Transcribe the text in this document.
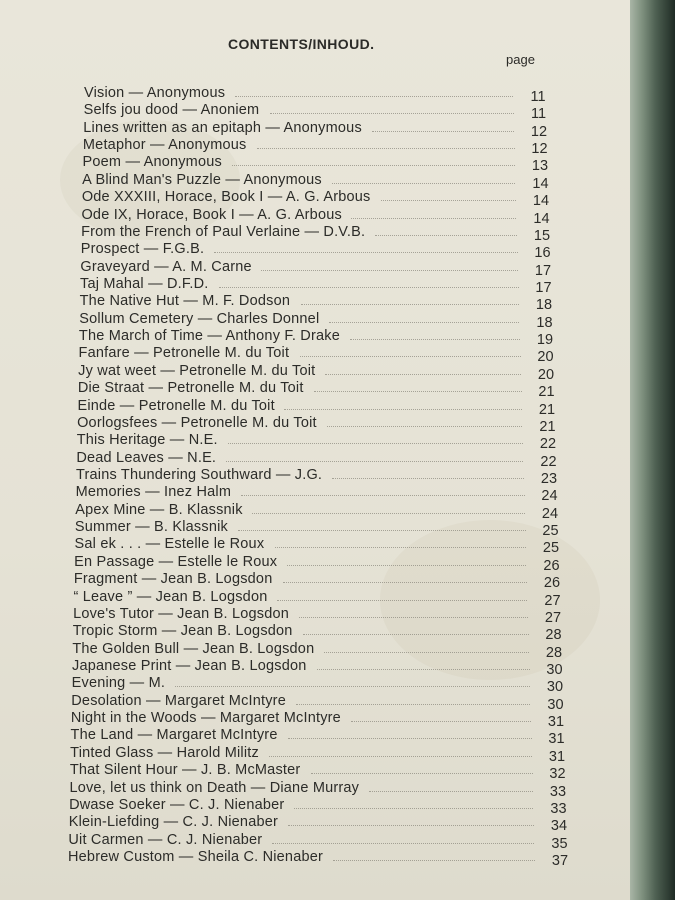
CONTENTS/INHOUD.
page
Vision — Anonymous	11
Selfs jou dood — Anoniem	11
Lines written as an epitaph — Anonymous	12
Metaphor — Anonymous	12
Poem — Anonymous	13
A Blind Man's Puzzle — Anonymous	14
Ode XXXIII, Horace, Book I — A. G. Arbous	14
Ode IX, Horace, Book I — A. G. Arbous	14
From the French of Paul Verlaine — D.V.B.	15
Prospect — F.G.B.	16
Graveyard — A. M. Carne	17
Taj Mahal — D.F.D.	17
The Native Hut — M. F. Dodson	18
Sollum Cemetery — Charles Donnel	18
The March of Time — Anthony F. Drake	19
Fanfare — Petronelle M. du Toit	20
Jy wat weet — Petronelle M. du Toit	20
Die Straat — Petronelle M. du Toit	21
Einde — Petronelle M. du Toit	21
Oorlogsfees — Petronelle M. du Toit	21
This Heritage — N.E.	22
Dead Leaves — N.E.	22
Trains Thundering Southward — J.G.	23
Memories — Inez Halm	24
Apex Mine — B. Klassnik	24
Summer — B. Klassnik	25
Sal ek . . . — Estelle le Roux	25
En Passage — Estelle le Roux	26
Fragment — Jean B. Logsdon	26
“ Leave ” — Jean B. Logsdon	27
Love's Tutor — Jean B. Logsdon	27
Tropic Storm — Jean B. Logsdon	28
The Golden Bull — Jean B. Logsdon	28
Japanese Print — Jean B. Logsdon	30
Evening — M.	30
Desolation — Margaret McIntyre	30
Night in the Woods — Margaret McIntyre	31
The Land — Margaret McIntyre	31
Tinted Glass — Harold Militz	31
That Silent Hour — J. B. McMaster	32
Love, let us think on Death — Diane Murray	33
Dwase Soeker — C. J. Nienaber	33
Klein-Liefding — C. J. Nienaber	34
Uit Carmen — C. J. Nienaber	35
Hebrew Custom — Sheila C. Nienaber	37
